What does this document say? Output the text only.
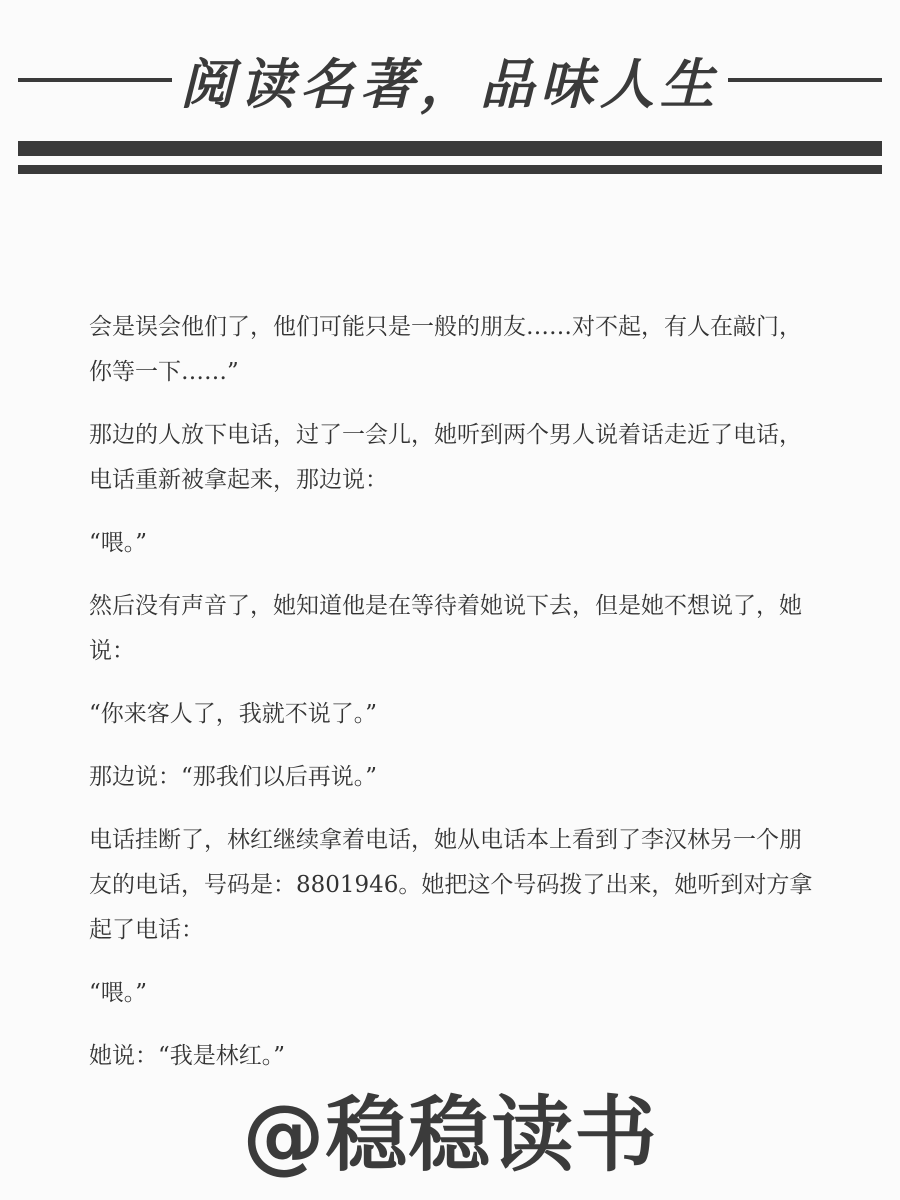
阅读名著，品味人生

会是误会他们了，他们可能只是一般的朋友……对不起，有人在敲门，你等一下……”

那边的人放下电话，过了一会儿，她听到两个男人说着话走近了电话，电话重新被拿起来，那边说：

“喂。”

然后没有声音了，她知道他是在等待着她说下去，但是她不想说了，她说：

“你来客人了，我就不说了。”

那边说：“那我们以后再说。”

电话挂断了，林红继续拿着电话，她从电话本上看到了李汉林另一个朋友的电话，号码是：8801946。她把这个号码拨了出来，她听到对方拿起了电话：

“喂。”

她说：“我是林红。”

@稳稳读书
